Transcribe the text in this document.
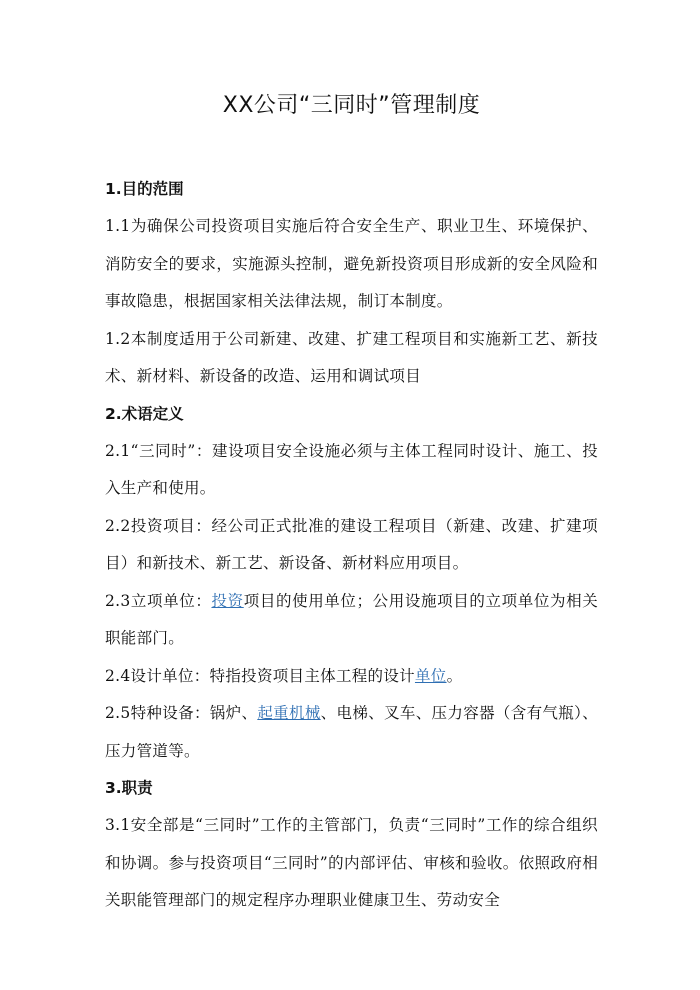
XX公司“三同时”管理制度

1.目的范围

1.1为确保公司投资项目实施后符合安全生产、职业卫生、环境保护、消防安全的要求，实施源头控制，避免新投资项目形成新的安全风险和事故隐患，根据国家相关法律法规，制订本制度。

1.2本制度适用于公司新建、改建、扩建工程项目和实施新工艺、新技术、新材料、新设备的改造、运用和调试项目

2.术语定义

2.1“三同时”：建设项目安全设施必须与主体工程同时设计、施工、投入生产和使用。

2.2投资项目：经公司正式批准的建设工程项目（新建、改建、扩建项目）和新技术、新工艺、新设备、新材料应用项目。

2.3立项单位：投资项目的使用单位；公用设施项目的立项单位为相关职能部门。

2.4设计单位：特指投资项目主体工程的设计单位。

2.5特种设备：锅炉、起重机械、电梯、叉车、压力容器（含有气瓶）、压力管道等。

3.职责

3.1安全部是“三同时”工作的主管部门，负责“三同时”工作的综合组织和协调。参与投资项目“三同时”的内部评估、审核和验收。依照政府相关职能管理部门的规定程序办理职业健康卫生、劳动安全
